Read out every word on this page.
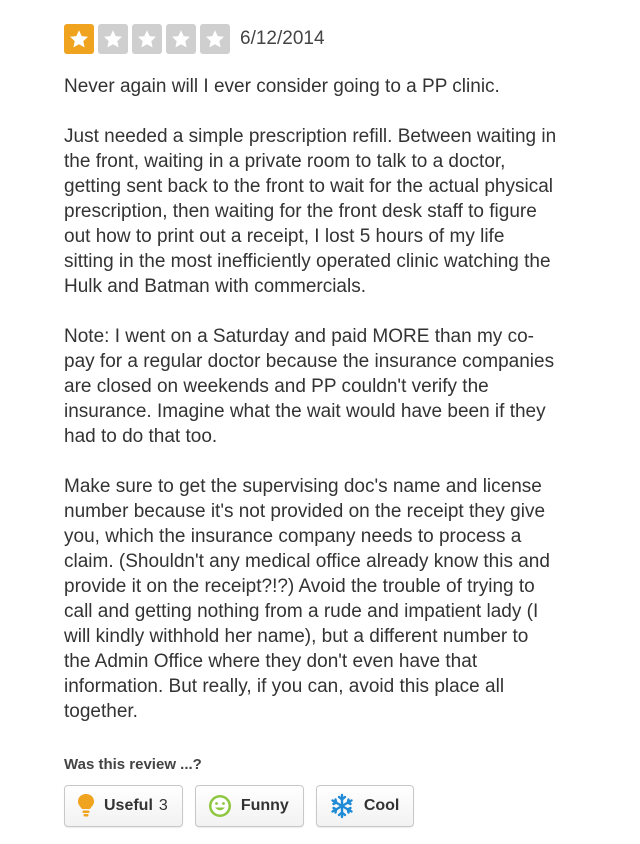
6/12/2014

Never again will I ever consider going to a PP clinic.

Just needed a simple prescription refill. Between waiting in
the front, waiting in a private room to talk to a doctor,
getting sent back to the front to wait for the actual physical
prescription, then waiting for the front desk staff to figure
out how to print out a receipt, I lost 5 hours of my life
sitting in the most inefficiently operated clinic watching the
Hulk and Batman with commercials.

Note: I went on a Saturday and paid MORE than my co-
pay for a regular doctor because the insurance companies
are closed on weekends and PP couldn't verify the
insurance. Imagine what the wait would have been if they
had to do that too.

Make sure to get the supervising doc's name and license
number because it's not provided on the receipt they give
you, which the insurance company needs to process a
claim. (Shouldn't any medical office already know this and
provide it on the receipt?!?) Avoid the trouble of trying to
call and getting nothing from a rude and impatient lady (I
will kindly withhold her name), but a different number to
the Admin Office where they don't even have that
information. But really, if you can, avoid this place all
together.

Was this review ...?
Useful 3	Funny	Cool
